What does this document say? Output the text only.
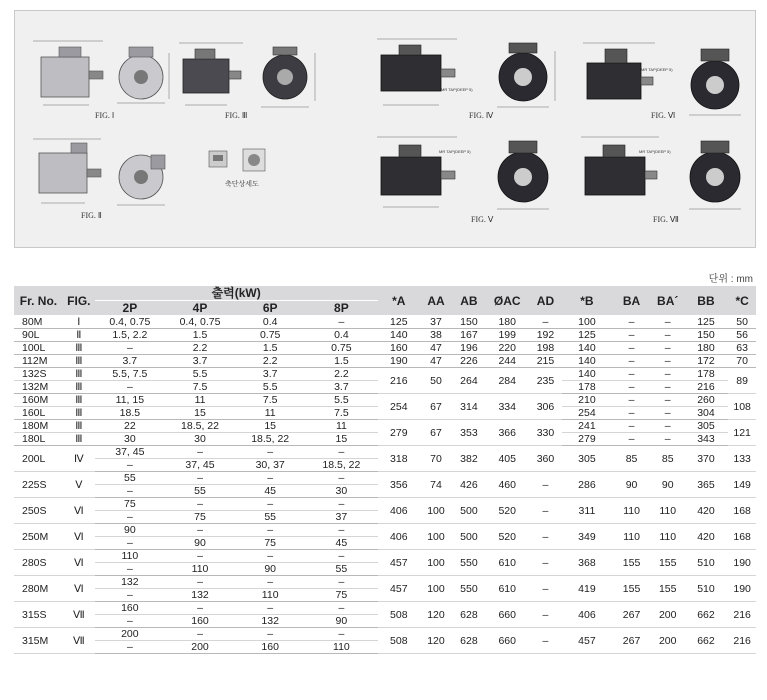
FIG. Ⅰ	FIG. Ⅲ
FIG. Ⅱ
축단상세도
MR TAP(DEEP 5)
FIG. Ⅳ
MR TAP(DEEP 5)
FIG. Ⅵ
MR TAP(DEEP 5)
FIG. Ⅴ
MR TAP(DEEP 5)
FIG. Ⅶ
단위 : mm
Fr. No.	FIG.	출력(kW)				*A	AA	AB	ØAC	AD	*B	BA	BA´	BB	*C
		2P	4P	6P	8P										
80M	Ⅰ	0.4, 0.75	0.4, 0.75	0.4	–	125	37	150	180	–	100	–	–	125	50
90L	Ⅱ	1.5, 2.2	1.5	0.75	0.4	140	38	167	199	192	125	–	–	150	56
100L	Ⅲ	–	2.2	1.5	0.75	160	47	196	220	198	140	–	–	180	63
112M	Ⅲ	3.7	3.7	2.2	1.5	190	47	226	244	215	140	–	–	172	70
132S	Ⅲ	5.5, 7.5	5.5	3.7	2.2	216	50	264	284	235	140	–	–	178	89
132M	Ⅲ	–	7.5	5.5	3.7						178	–	–	216	
160M	Ⅲ	11, 15	11	7.5	5.5	254	67	314	334	306	210	–	–	260	108
160L	Ⅲ	18.5	15	11	7.5						254	–	–	304	
180M	Ⅲ	22	18.5, 22	15	11	279	67	353	366	330	241	–	–	305	121
180L	Ⅲ	30	30	18.5, 22	15						279	–	–	343	
200L	Ⅳ	37, 45	–	–	–	318	70	382	405	360	305	85	85	370	133
		–	37, 45	30, 37	18.5, 22										
225S	Ⅴ	55	–	–	–	356	74	426	460	–	286	90	90	365	149
		–	55	45	30										
250S	Ⅵ	75	–	–	–	406	100	500	520	–	311	110	110	420	168
		–	75	55	37										
250M	Ⅵ	90	–	–	–	406	100	500	520	–	349	110	110	420	168
		–	90	75	45										
280S	Ⅵ	110	–	–	–	457	100	550	610	–	368	155	155	510	190
		–	110	90	55										
280M	Ⅵ	132	–	–	–	457	100	550	610	–	419	155	155	510	190
		–	132	110	75										
315S	Ⅶ	160	–	–	–	508	120	628	660	–	406	267	200	662	216
		–	160	132	90										
315M	Ⅶ	200	–	–	–	508	120	628	660	–	457	267	200	662	216
		–	200	160	110										
